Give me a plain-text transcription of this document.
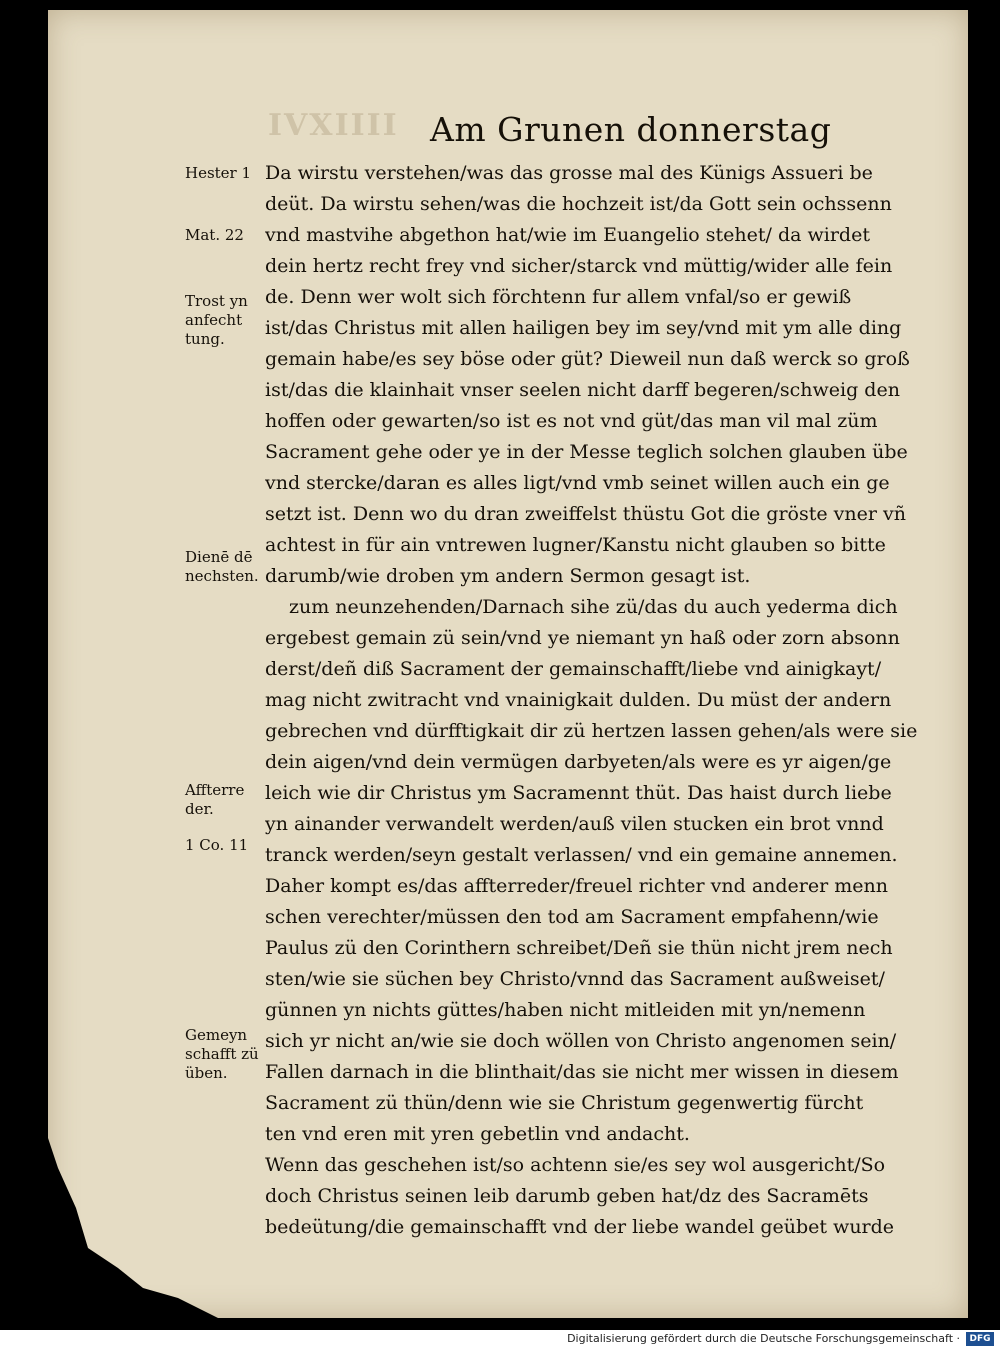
IVXIIII Am Grunen donnerstag
Da wirstu verstehen/was das grosse mal des Künigs Assueri be
deüt. Da wirstu sehen/was die hochzeit ist/da Gott sein ochssenn
vnd mastvihe abgethon hat/wie im Euangelio stehet/ da wirdet
dein hertz recht frey vnd sicher/starck vnd müttig/wider alle fein
de. Denn wer wolt sich förchtenn fur allem vnfal/so er gewiß
ist/das Christus mit allen hailigen bey im sey/vnd mit ym alle ding
gemain habe/es sey böse oder güt? Dieweil nun daß werck so groß
ist/das die klainhait vnser seelen nicht darff begeren/schweig den
hoffen oder gewarten/so ist es not vnd güt/das man vil mal züm
Sacrament gehe oder ye in der Messe teglich solchen glauben übe
vnd stercke/daran es alles ligt/vnd vmb seinet willen auch ein ge
setzt ist. Denn wo du dran zweiffelst thüstu Got die gröste vner vñ
achtest in für ain vntrewen lugner/Kanstu nicht glauben so bitte
darumb/wie droben ym andern Sermon gesagt ist.
zum neunzehenden/Darnach sihe zü/das du auch yederma dich
ergebest gemain zü sein/vnd ye niemant yn haß oder zorn absonn
derst/deñ diß Sacrament der gemainschafft/liebe vnd ainigkayt/
mag nicht zwitracht vnd vnainigkait dulden. Du müst der andern
gebrechen vnd dürfftigkait dir zü hertzen lassen gehen/als were sie
dein aigen/vnd dein vermügen darbyeten/als were es yr aigen/ge
leich wie dir Christus ym Sacramennt thüt. Das haist durch liebe
yn ainander verwandelt werden/auß vilen stucken ein brot vnnd
tranck werden/seyn gestalt verlassen/ vnd ein gemaine annemen.
Daher kompt es/das affterreder/freuel richter vnd anderer menn
schen verechter/müssen den tod am Sacrament empfahenn/wie
Paulus zü den Corinthern schreibet/Deñ sie thün nicht jrem nech
sten/wie sie süchen bey Christo/vnnd das Sacrament außweiset/
günnen yn nichts güttes/haben nicht mitleiden mit yn/nemenn
sich yr nicht an/wie sie doch wöllen von Christo angenomen sein/
Fallen darnach in die blinthait/das sie nicht mer wissen in diesem
Sacrament zü thün/denn wie sie Christum gegenwertig fürcht
ten vnd eren mit yren gebetlin vnd andacht.
Wenn das geschehen ist/so achtenn sie/es sey wol ausgericht/So
doch Christus seinen leib darumb geben hat/dz des Sacramēts
bedeütung/die gemainschafft vnd der liebe wandel geübet wurde
Hester 1
Mat. 22
Trost yn
anfecht
tung.
Dienē dē
nechsten.
Affterre
der.
1 Co. 11
Gemeyn
schafft zü
üben.
Digitalisierung gefördert durch die Deutsche Forschungsgemeinschaft ·	DFG
